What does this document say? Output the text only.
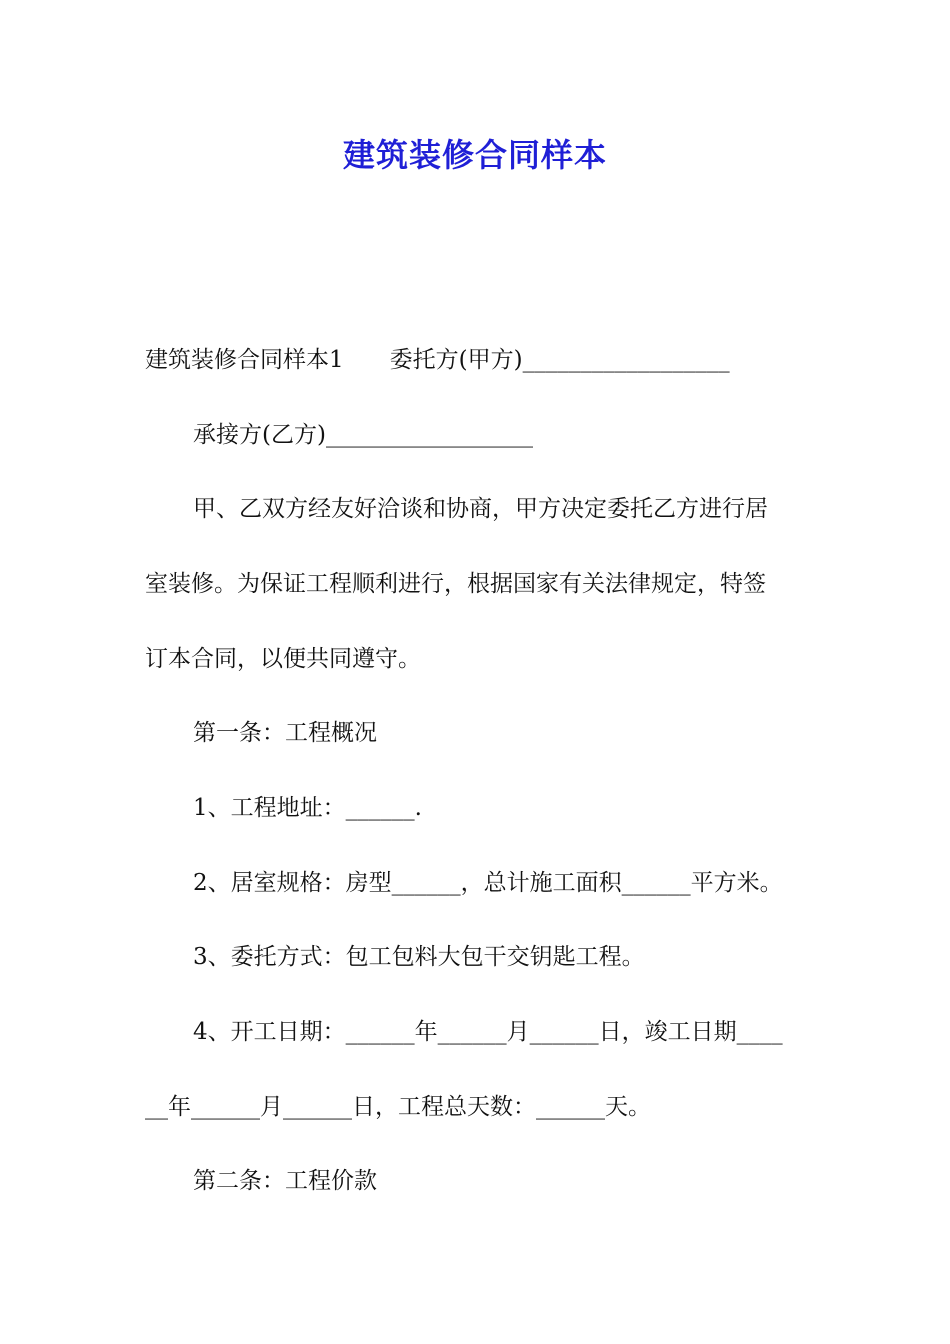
建筑装修合同样本
建筑装修合同样本1　　委托方(甲方)__________________
承接方(乙方)__________________
甲、乙双方经友好洽谈和协商，甲方决定委托乙方进行居
室装修。为保证工程顺利进行，根据国家有关法律规定，特签
订本合同，以便共同遵守。
第一条：工程概况
1、工程地址：______.
2、居室规格：房型______，总计施工面积______平方米。
3、委托方式：包工包料大包干交钥匙工程。
4、开工日期：______年______月______日，竣工日期____
__年______月______日，工程总天数：______天。
第二条：工程价款
